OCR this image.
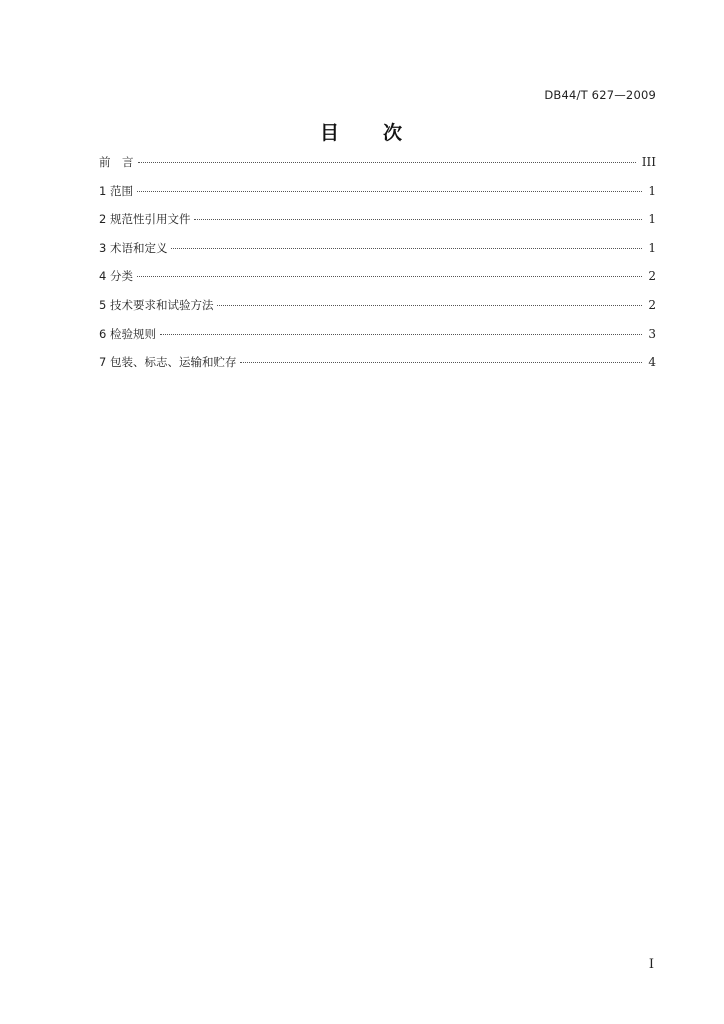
DB44/T 627—2009
目 次
前　言	III
1 范围	1
2 规范性引用文件	1
3 术语和定义	1
4 分类	2
5 技术要求和试验方法	2
6 检验规则	3
7 包装、标志、运输和贮存	4
I
